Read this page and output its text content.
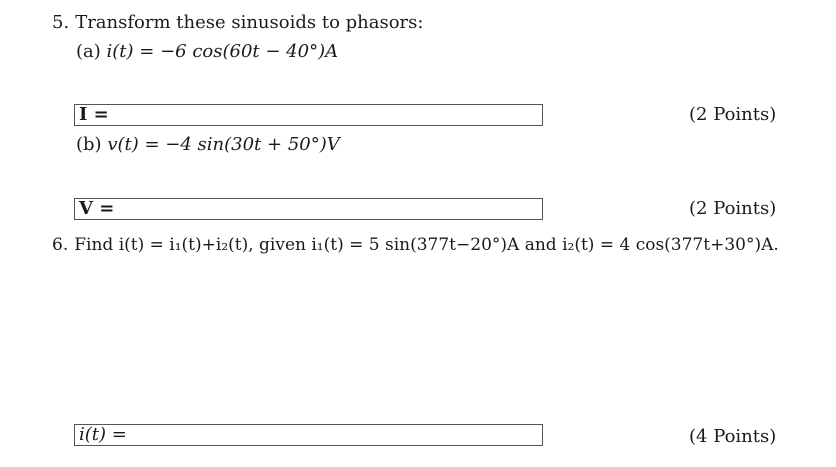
5. Transform these sinusoids to phasors:
(a) i(t) = −6 cos(60t − 40°)A
I =	(2 Points)
(b) v(t) = −4 sin(30t + 50°)V
V =	(2 Points)
6. Find i(t) = i₁(t)+i₂(t), given i₁(t) = 5 sin(377t−20°)A and i₂(t) = 4 cos(377t+30°)A.
i(t) =	(4 Points)
